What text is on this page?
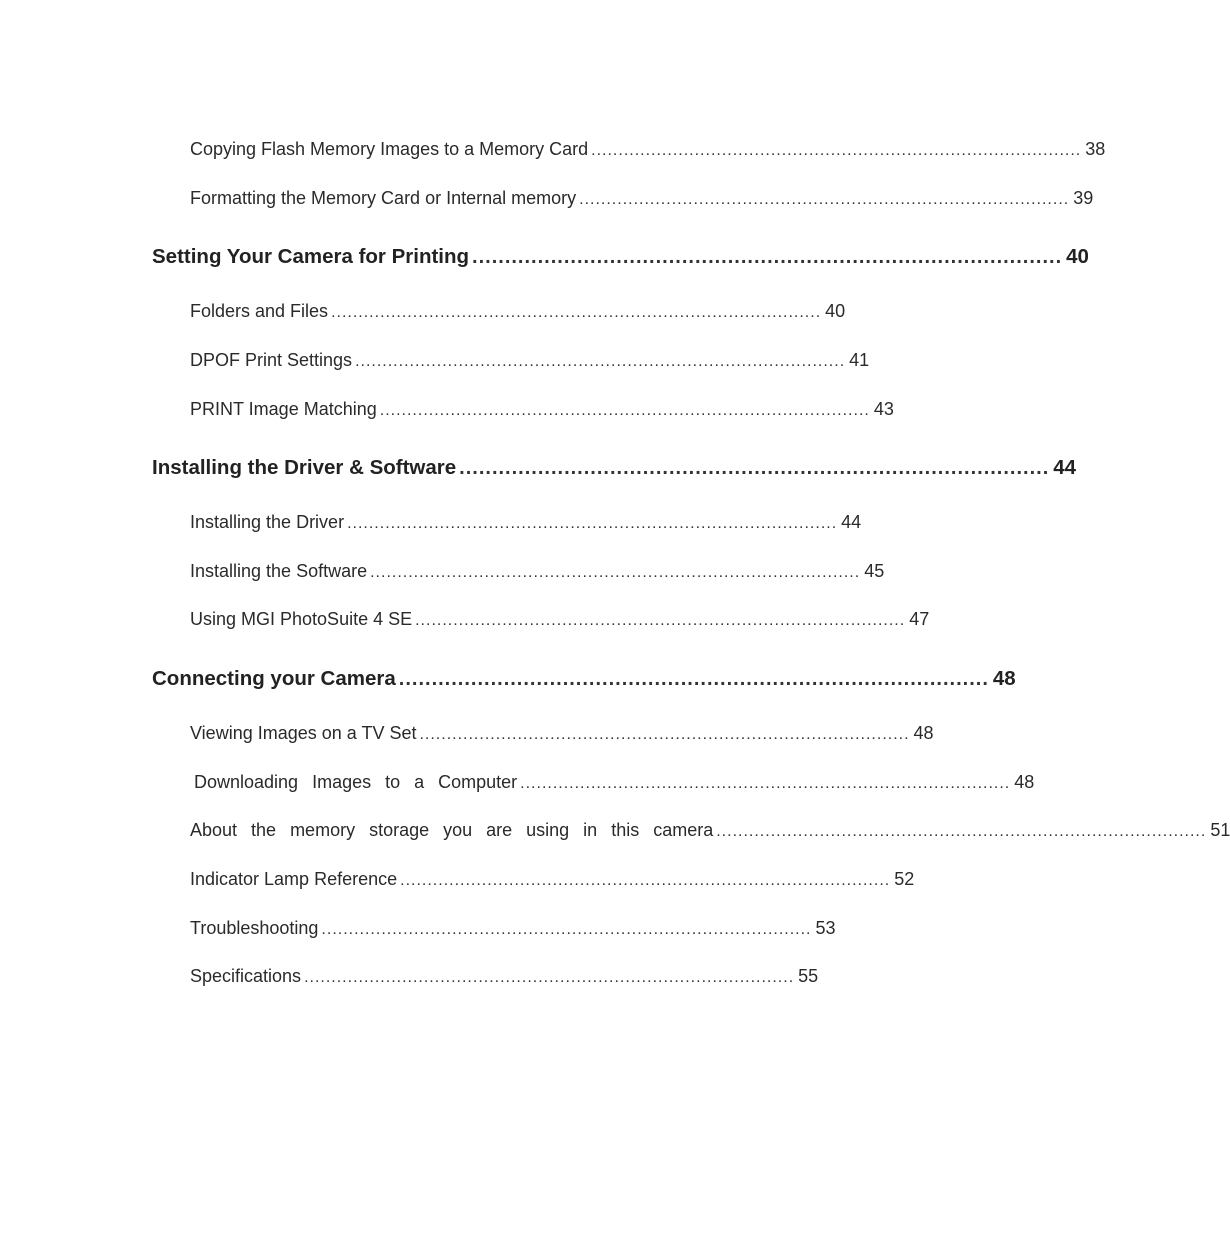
Copying Flash Memory Images to a Memory Card .......................................................................................... 38
Formatting the Memory Card or Internal memory .......................................................................................... 39
Setting Your Camera for Printing .......................................................................................... 40
Folders and Files .......................................................................................... 40
DPOF Print Settings .......................................................................................... 41
PRINT Image Matching .......................................................................................... 43
Installing the Driver & Software .......................................................................................... 44
Installing the Driver .......................................................................................... 44
Installing the Software .......................................................................................... 45
Using MGI PhotoSuite 4 SE .......................................................................................... 47
Connecting your Camera .......................................................................................... 48
Viewing Images on a TV Set .......................................................................................... 48
Downloading Images to a Computer .......................................................................................... 48
About the memory storage you are using in this camera .......................................................................................... 51
Indicator Lamp Reference .......................................................................................... 52
Troubleshooting .......................................................................................... 53
Specifications .......................................................................................... 55
